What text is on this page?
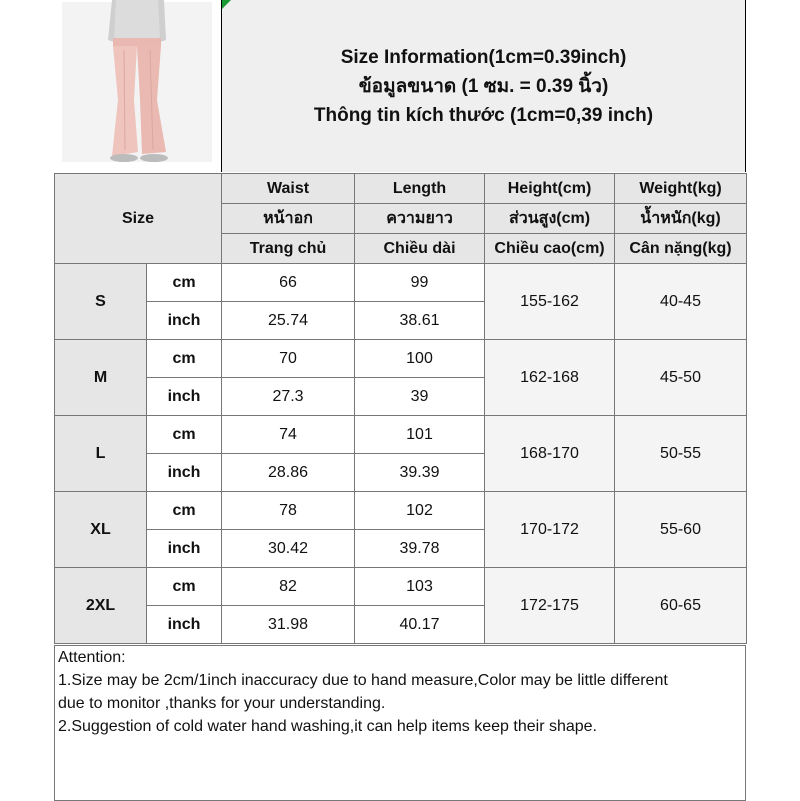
Size Information(1cm=0.39inch)
ข้อมูลขนาด (1 ซม. = 0.39 นิ้ว)
Thông tin kích thước (1cm=0,39 inch)
Size		Waist	Length	Height(cm)	Weight(kg)
		หน้าอก	ความยาว	ส่วนสูง(cm)	น้ำหนัก(kg)
		Trang chủ	Chiều dài	Chiều cao(cm)	Cân nặng(kg)
S	cm	66	99	155-162	40-45
	inch	25.74	38.61		
M	cm	70	100	162-168	45-50
	inch	27.3	39		
L	cm	74	101	168-170	50-55
	inch	28.86	39.39		
XL	cm	78	102	170-172	55-60
	inch	30.42	39.78		
2XL	cm	82	103	172-175	60-65
	inch	31.98	40.17		
Attention:
1.Size may be 2cm/1inch inaccuracy due to hand measure,Color may be little different
due to monitor ,thanks for your understanding.
2.Suggestion of cold water hand washing,it can help items keep their shape.
